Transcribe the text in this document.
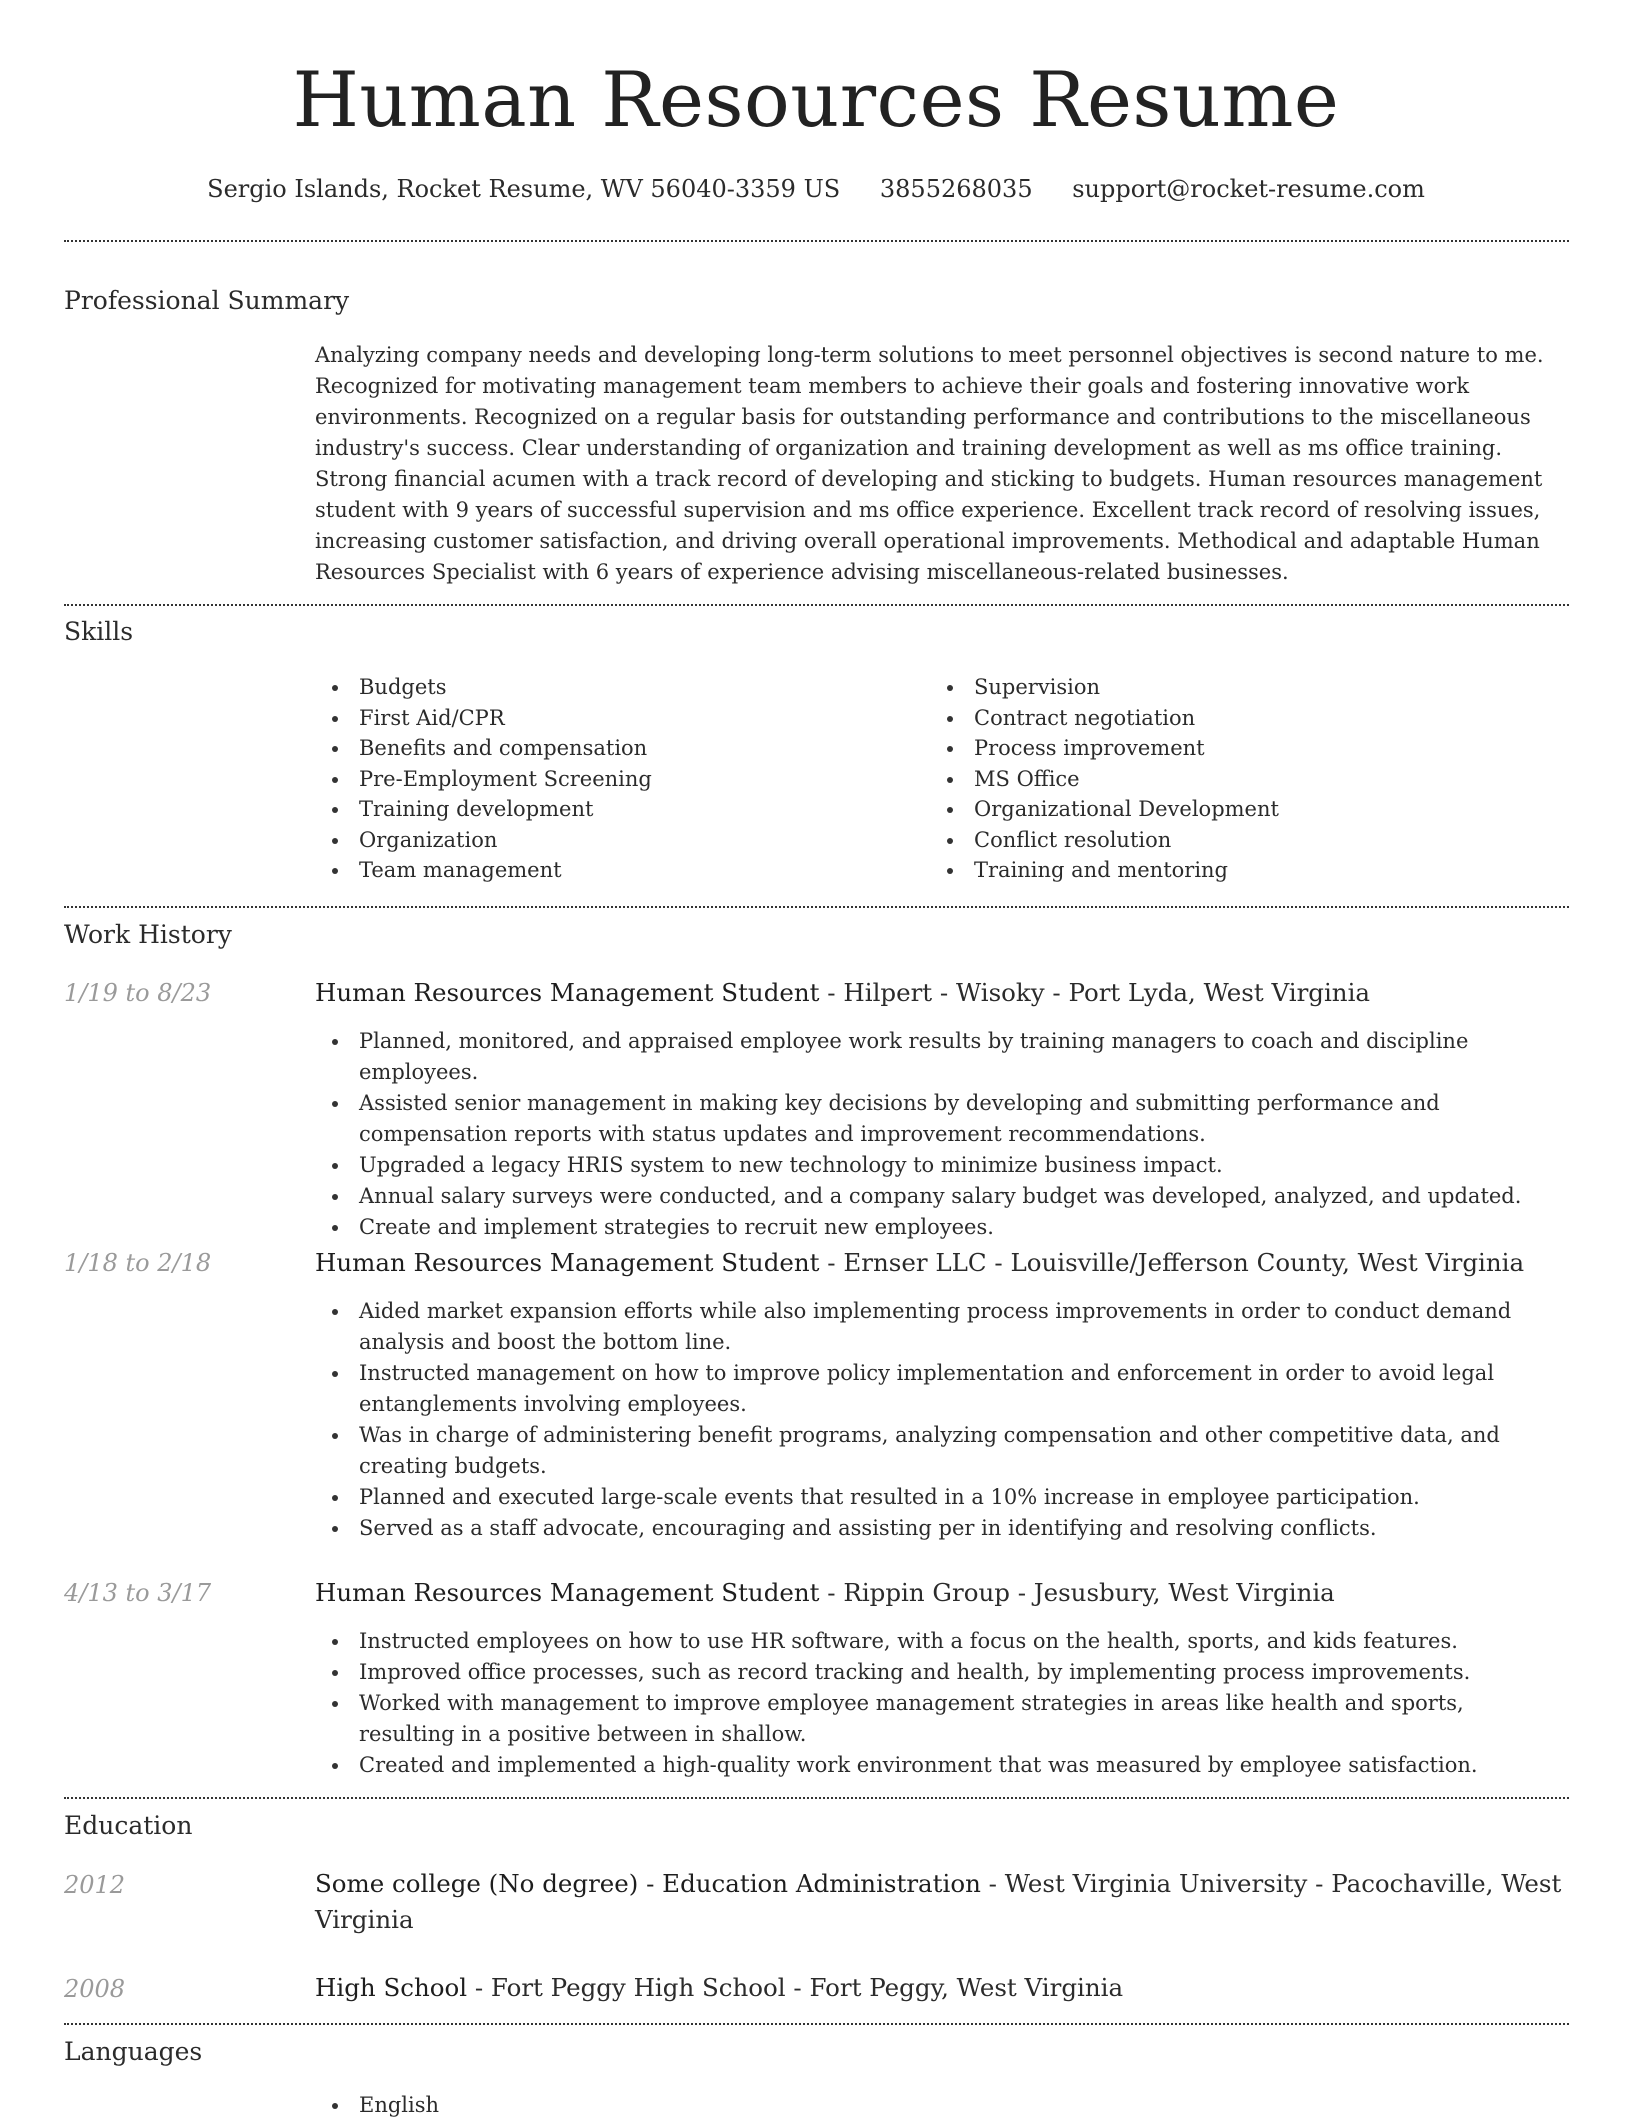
Human Resources Resume
Sergio Islands, Rocket Resume, WV 56040-3359 US 3855268035 support@rocket-resume.com
Professional Summary

Analyzing company needs and developing long-term solutions to meet personnel objectives is second nature to me. Recognized for motivating management team members to achieve their goals and fostering innovative work environments. Recognized on a regular basis for outstanding performance and contributions to the miscellaneous industry's success. Clear understanding of organization and training development as well as ms office training. Strong financial acumen with a track record of developing and sticking to budgets. Human resources management student with 9 years of successful supervision and ms office experience. Excellent track record of resolving issues, increasing customer satisfaction, and driving overall operational improvements. Methodical and adaptable Human Resources Specialist with 6 years of experience advising miscellaneous-related businesses.

Skills
Budgets
First Aid/CPR
Benefits and compensation
Pre-Employment Screening
Training development
Organization
Team management
Supervision
Contract negotiation
Process improvement
MS Office
Organizational Development
Conflict resolution
Training and mentoring
Work History
1/19 to 8/23	Human Resources Management Student - Hilpert - Wisoky - Port Lyda, West Virginia
Planned, monitored, and appraised employee work results by training managers to coach and discipline employees.
Assisted senior management in making key decisions by developing and submitting performance and compensation reports with status updates and improvement recommendations.
Upgraded a legacy HRIS system to new technology to minimize business impact.
Annual salary surveys were conducted, and a company salary budget was developed, analyzed, and updated.
Create and implement strategies to recruit new employees.
1/18 to 2/18	Human Resources Management Student - Ernser LLC - Louisville/Jefferson County, West Virginia
Aided market expansion efforts while also implementing process improvements in order to conduct demand analysis and boost the bottom line.
Instructed management on how to improve policy implementation and enforcement in order to avoid legal entanglements involving employees.
Was in charge of administering benefit programs, analyzing compensation and other competitive data, and creating budgets.
Planned and executed large-scale events that resulted in a 10% increase in employee participation.
Served as a staff advocate, encouraging and assisting per in identifying and resolving conflicts.
4/13 to 3/17	Human Resources Management Student - Rippin Group - Jesusbury, West Virginia
Instructed employees on how to use HR software, with a focus on the health, sports, and kids features.
Improved office processes, such as record tracking and health, by implementing process improvements.
Worked with management to improve employee management strategies in areas like health and sports, resulting in a positive between in shallow.
Created and implemented a high-quality work environment that was measured by employee satisfaction.
Education
2012	Some college (No degree) - Education Administration - West Virginia University - Pacochaville, West Virginia
2008	High School - Fort Peggy High School - Fort Peggy, West Virginia
Languages
English
